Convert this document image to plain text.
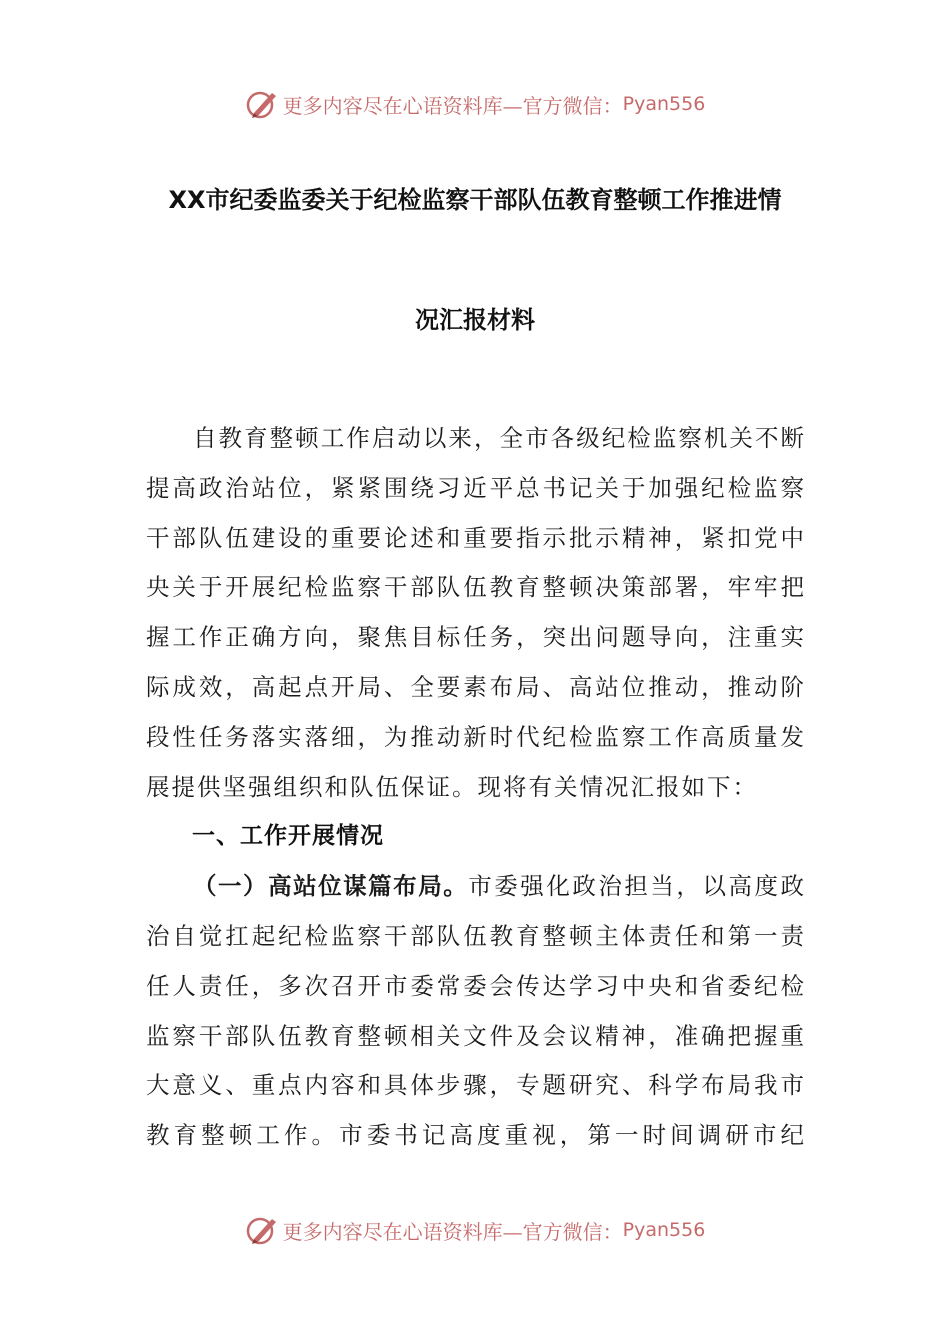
更多内容尽在心语资料库—官方微信： Pyan556
XX市纪委监委关于纪检监察干部队伍教育整顿工作推进情
况汇报材料

自教育整顿工作启动以来，全市各级纪检监察机关不断提高政治站位，紧紧围绕习近平总书记关于加强纪检监察干部队伍建设的重要论述和重要指示批示精神，紧扣党中央关于开展纪检监察干部队伍教育整顿决策部署，牢牢把握工作正确方向，聚焦目标任务，突出问题导向，注重实际成效，高起点开局、全要素布局、高站位推动，推动阶段性任务落实落细，为推动新时代纪检监察工作高质量发展提供坚强组织和队伍保证。现将有关情况汇报如下：

一、工作开展情况

（一）高站位谋篇布局。市委强化政治担当，以高度政治自觉扛起纪检监察干部队伍教育整顿主体责任和第一责任人责任，多次召开市委常委会传达学习中央和省委纪检监察干部队伍教育整顿相关文件及会议精神，准确把握重大意义、重点内容和具体步骤，专题研究、科学布局我市教育整顿工作。市委书记高度重视，第一时间调研市纪

更多内容尽在心语资料库—官方微信： Pyan556
